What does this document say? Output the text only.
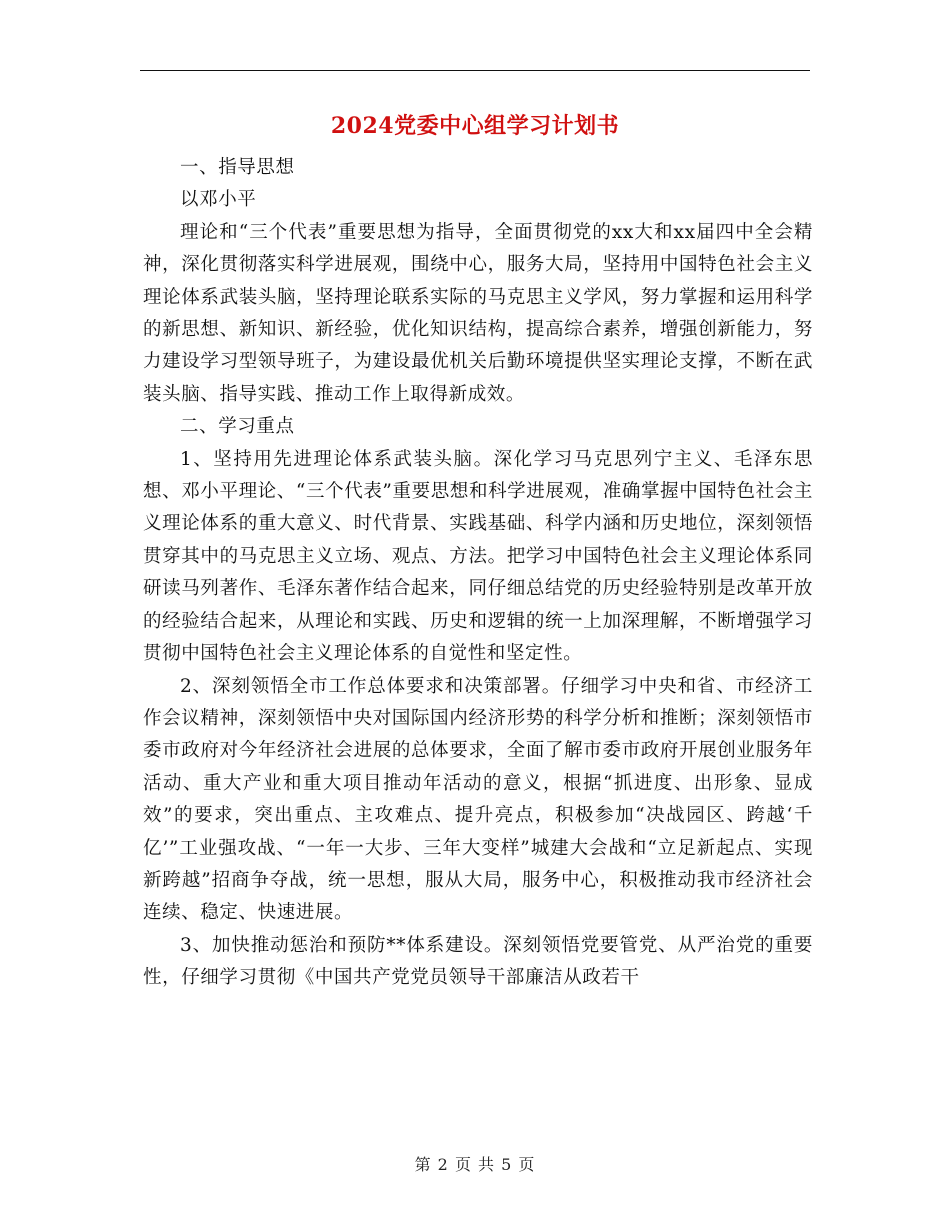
2024党委中心组学习计划书

一、指导思想

以邓小平

理论和“三个代表”重要思想为指导，全面贯彻党的xx大和xx届四中全会精神，深化贯彻落实科学进展观，围绕中心，服务大局，坚持用中国特色社会主义理论体系武装头脑，坚持理论联系实际的马克思主义学风，努力掌握和运用科学的新思想、新知识、新经验，优化知识结构，提高综合素养，增强创新能力，努力建设学习型领导班子，为建设最优机关后勤环境提供坚实理论支撑，不断在武装头脑、指导实践、推动工作上取得新成效。

二、学习重点

1、坚持用先进理论体系武装头脑。深化学习马克思列宁主义、毛泽东思想、邓小平理论、“三个代表”重要思想和科学进展观，准确掌握中国特色社会主义理论体系的重大意义、时代背景、实践基础、科学内涵和历史地位，深刻领悟贯穿其中的马克思主义立场、观点、方法。把学习中国特色社会主义理论体系同研读马列著作、毛泽东著作结合起来，同仔细总结党的历史经验特别是改革开放的经验结合起来，从理论和实践、历史和逻辑的统一上加深理解，不断增强学习贯彻中国特色社会主义理论体系的自觉性和坚定性。

2、深刻领悟全市工作总体要求和决策部署。仔细学习中央和省、市经济工作会议精神，深刻领悟中央对国际国内经济形势的科学分析和推断；深刻领悟市委市政府对今年经济社会进展的总体要求，全面了解市委市政府开展创业服务年活动、重大产业和重大项目推动年活动的意义，根据“抓进度、出形象、显成效”的要求，突出重点、主攻难点、提升亮点，积极参加“决战园区、跨越‘千亿’”工业强攻战、“一年一大步、三年大变样”城建大会战和“立足新起点、实现新跨越”招商争夺战，统一思想，服从大局，服务中心，积极推动我市经济社会连续、稳定、快速进展。

3、加快推动惩治和预防**体系建设。深刻领悟党要管党、从严治党的重要性，仔细学习贯彻《中国共产党党员领导干部廉洁从政若干

第 2 页 共 5 页
